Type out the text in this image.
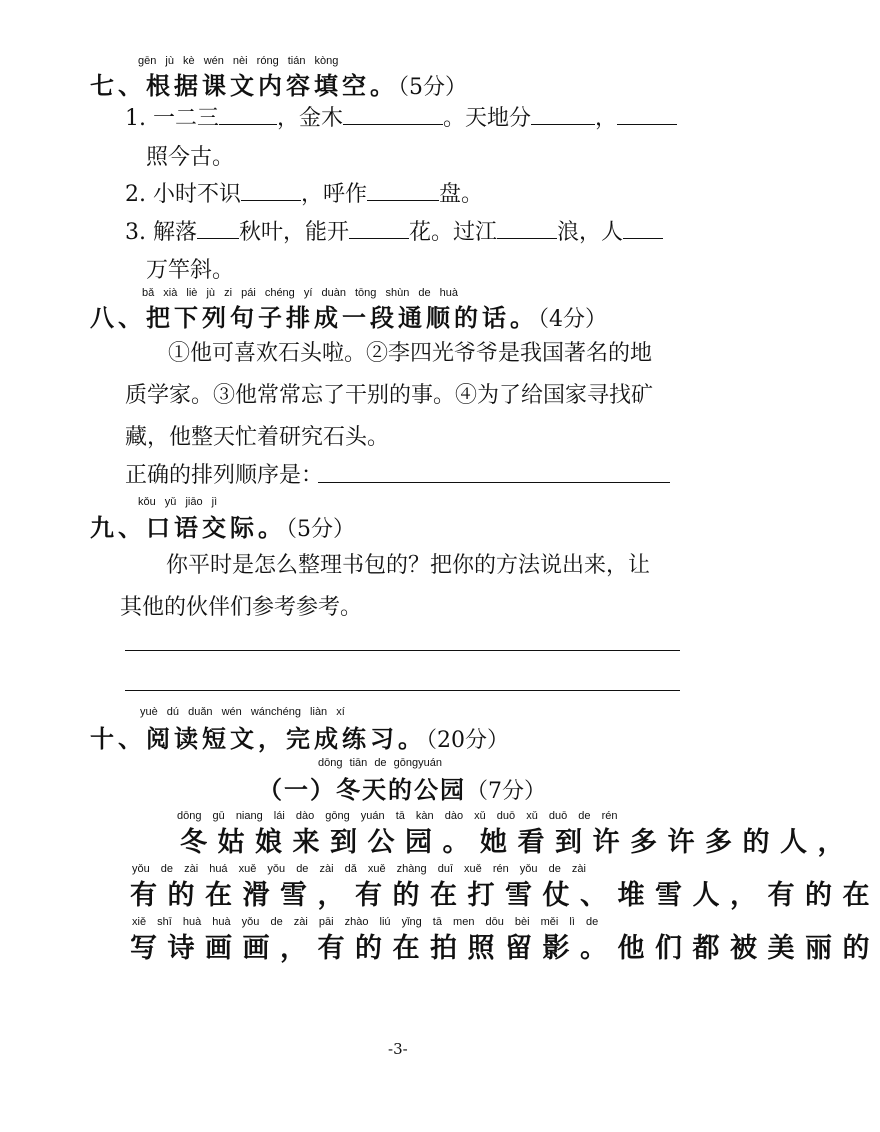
gēn jù kè wén nèi róng tián kòng
七、根据课文内容填空。（5分）
1. 一二三	，金木	。天地分	，
照今古。
2. 小时不识	，呼作	盘。
3. 解落 秋叶，能开	花。过江	浪，人
万竿斜。
bǎ xià liè jù zi pái chéng yí duàn tōng shùn de huà
八、把下列句子排成一段通顺的话。（4分）
①他可喜欢石头啦。②李四光爷爷是我国著名的地
质学家。③他常常忘了干别的事。④为了给国家寻找矿
藏，他整天忙着研究石头。
正确的排列顺序是：
kǒu yǔ jiāo jì
九、口语交际。（5分）
你平时是怎么整理书包的？把你的方法说出来，让
其他的伙伴们参考参考。
yuè dú duǎn wén wánchéng liàn xí
十、阅读短文，完成练习。（20分）
dōng tiān de gōngyuán
（一）冬天的公园（7分）
dōng gū niang lái dào gōng yuán tā kàn dào xǔ duō xǔ duō de rén
冬姑娘来到公园。她看到许多许多的人，
yǒu de zài huá xuě yǒu de zài dǎ xuě zhàng duī xuě rén yǒu de zài
有的在滑雪，有的在打雪仗、堆雪人，有的在
xiě shī huà huà yǒu de zài pāi zhào liú yǐng tā men dōu bèi měi lì de
写诗画画，有的在拍照留影。他们都被美丽的
-3-
